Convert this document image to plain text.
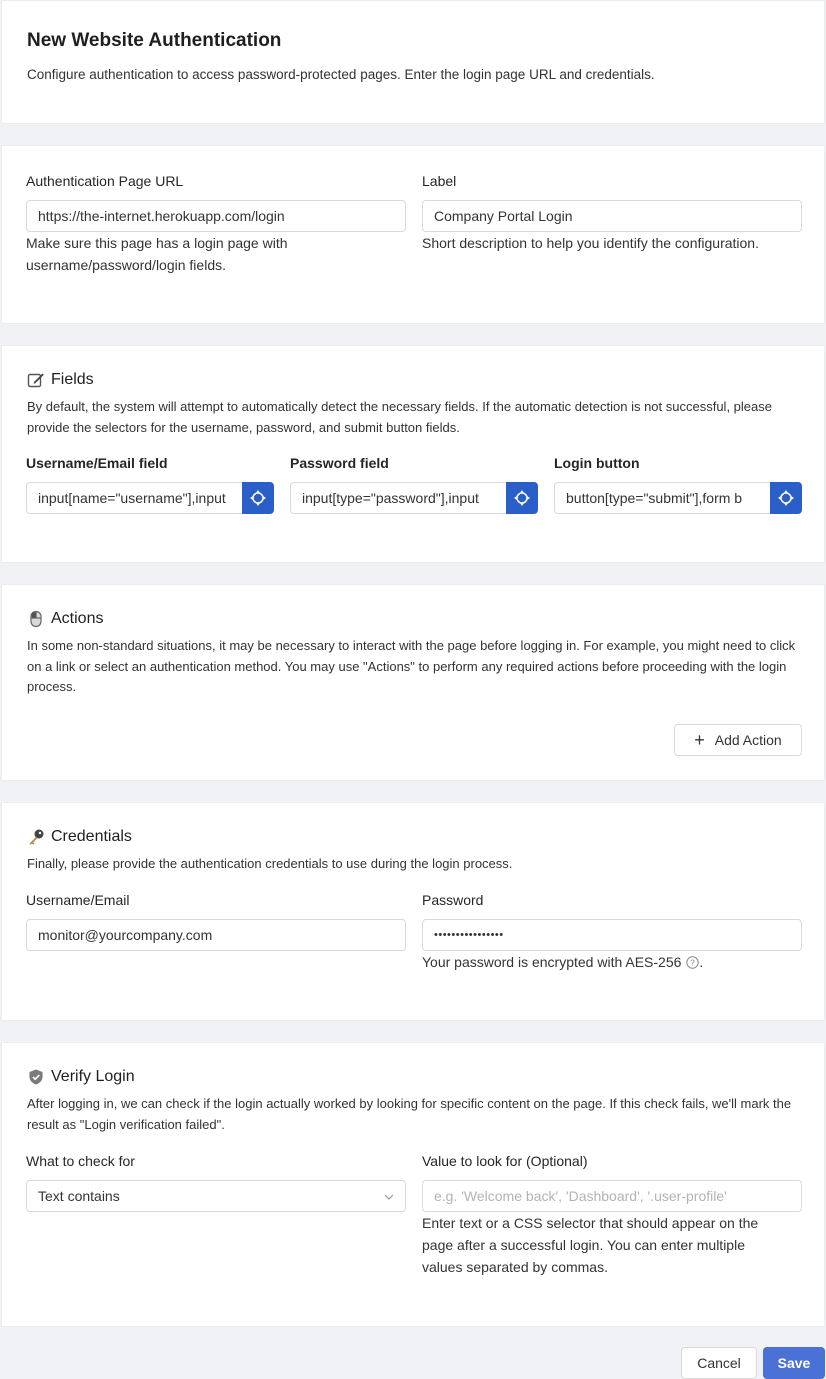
New Website Authentication
Configure authentication to access password-protected pages. Enter the login page URL and credentials.
Authentication Page URL
https://the-internet.herokuapp.com/login
Make sure this page has a login page with
username/password/login fields.
Label
Company Portal Login
Short description to help you identify the configuration.
Fields
By default, the system will attempt to automatically detect the necessary fields. If the automatic detection is not successful, please provide the selectors for the username, password, and submit button fields.
Username/Email field
input[name="username"],input
Password field
input[type="password"],input
Login button
button[type="submit"],form b
Actions
In some non-standard situations, it may be necessary to interact with the page before logging in. For example, you might need to click on a link or select an authentication method. You may use "Actions" to perform any required actions before proceeding with the login process.
+ Add Action
Credentials
Finally, please provide the authentication credentials to use during the login process.
Username/Email
monitor@yourcompany.com
Password
••••••••••••••••
Your password is encrypted with AES-256 ? .
Verify Login
After logging in, we can check if the login actually worked by looking for specific content on the page. If this check fails, we'll mark the result as "Login verification failed".
What to check for
Text contains
Value to look for (Optional)
e.g. 'Welcome back', 'Dashboard', '.user-profile'
Enter text or a CSS selector that should appear on the
page after a successful login. You can enter multiple
values separated by commas.
Cancel	Save
